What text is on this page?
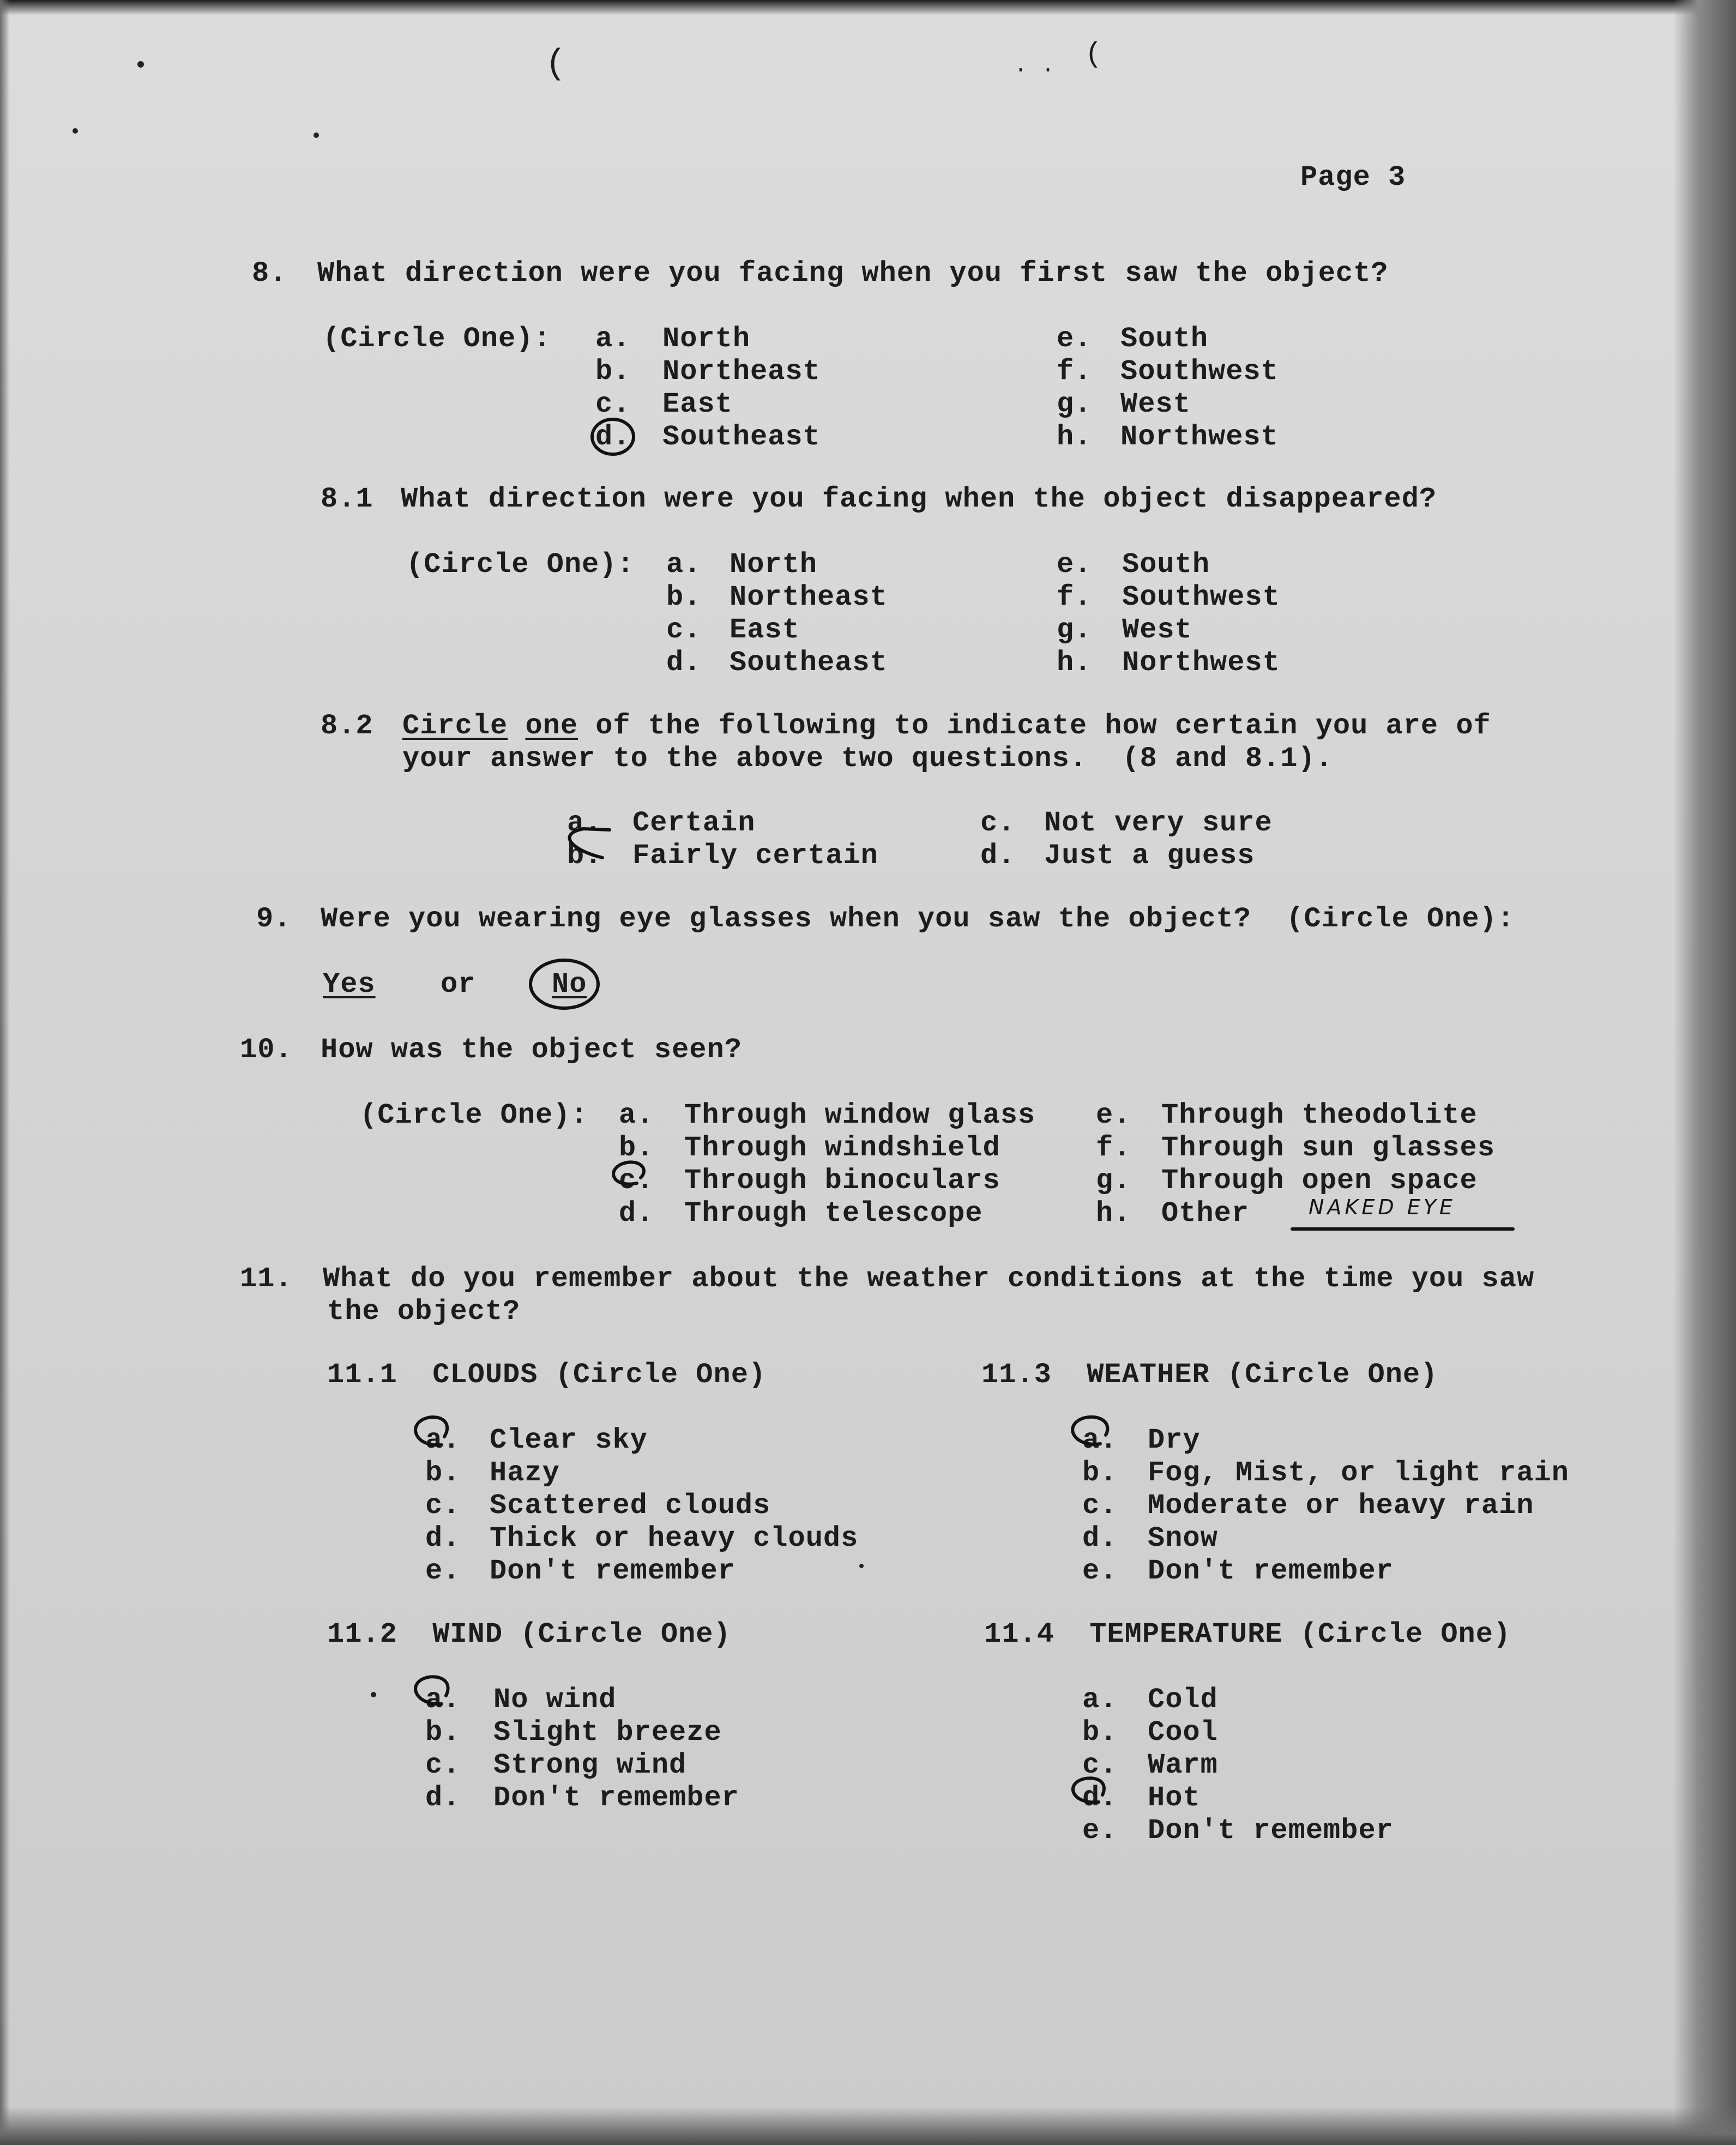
(	(
. .
Page 3
8. What direction were you facing when you first saw the object?
(Circle One): a. North
b. Northeast
c. East
d. Southeast
e. South
f. Southwest
g. West
h. Northwest
8.1 What direction were you facing when the object disappeared?
(Circle One): a. North
b. Northeast
c. East
d. Southeast
e. South
f. Southwest
g. West
h. Northwest
8.2 Circle one of the following to indicate how certain you are of
your answer to the above two questions.  (8 and 8.1).
a. Certain
b. Fairly certain
c. Not very sure
d. Just a guess
9. Were you wearing eye glasses when you saw the object?  (Circle One):
Yes or	No
10. How was the object seen?
(Circle One): a. Through window glass
b. Through windshield
c. Through binoculars
d. Through telescope
e. Through theodolite
f. Through sun glasses
g. Through open space
h. Other	NAKED EYE
11. What do you remember about the weather conditions at the time you saw
the object?
11.1  CLOUDS (Circle One)
a. Clear sky
b. Hazy
c. Scattered clouds
d. Thick or heavy clouds
e. Don't remember
11.2  WIND (Circle One)
a. No wind
b. Slight breeze
c. Strong wind
d. Don't remember
11.3  WEATHER (Circle One)
a. Dry
b. Fog, Mist, or light rain
c. Moderate or heavy rain
d. Snow
e. Don't remember
11.4  TEMPERATURE (Circle One)
a. Cold
b. Cool
c. Warm
d. Hot
e. Don't remember
